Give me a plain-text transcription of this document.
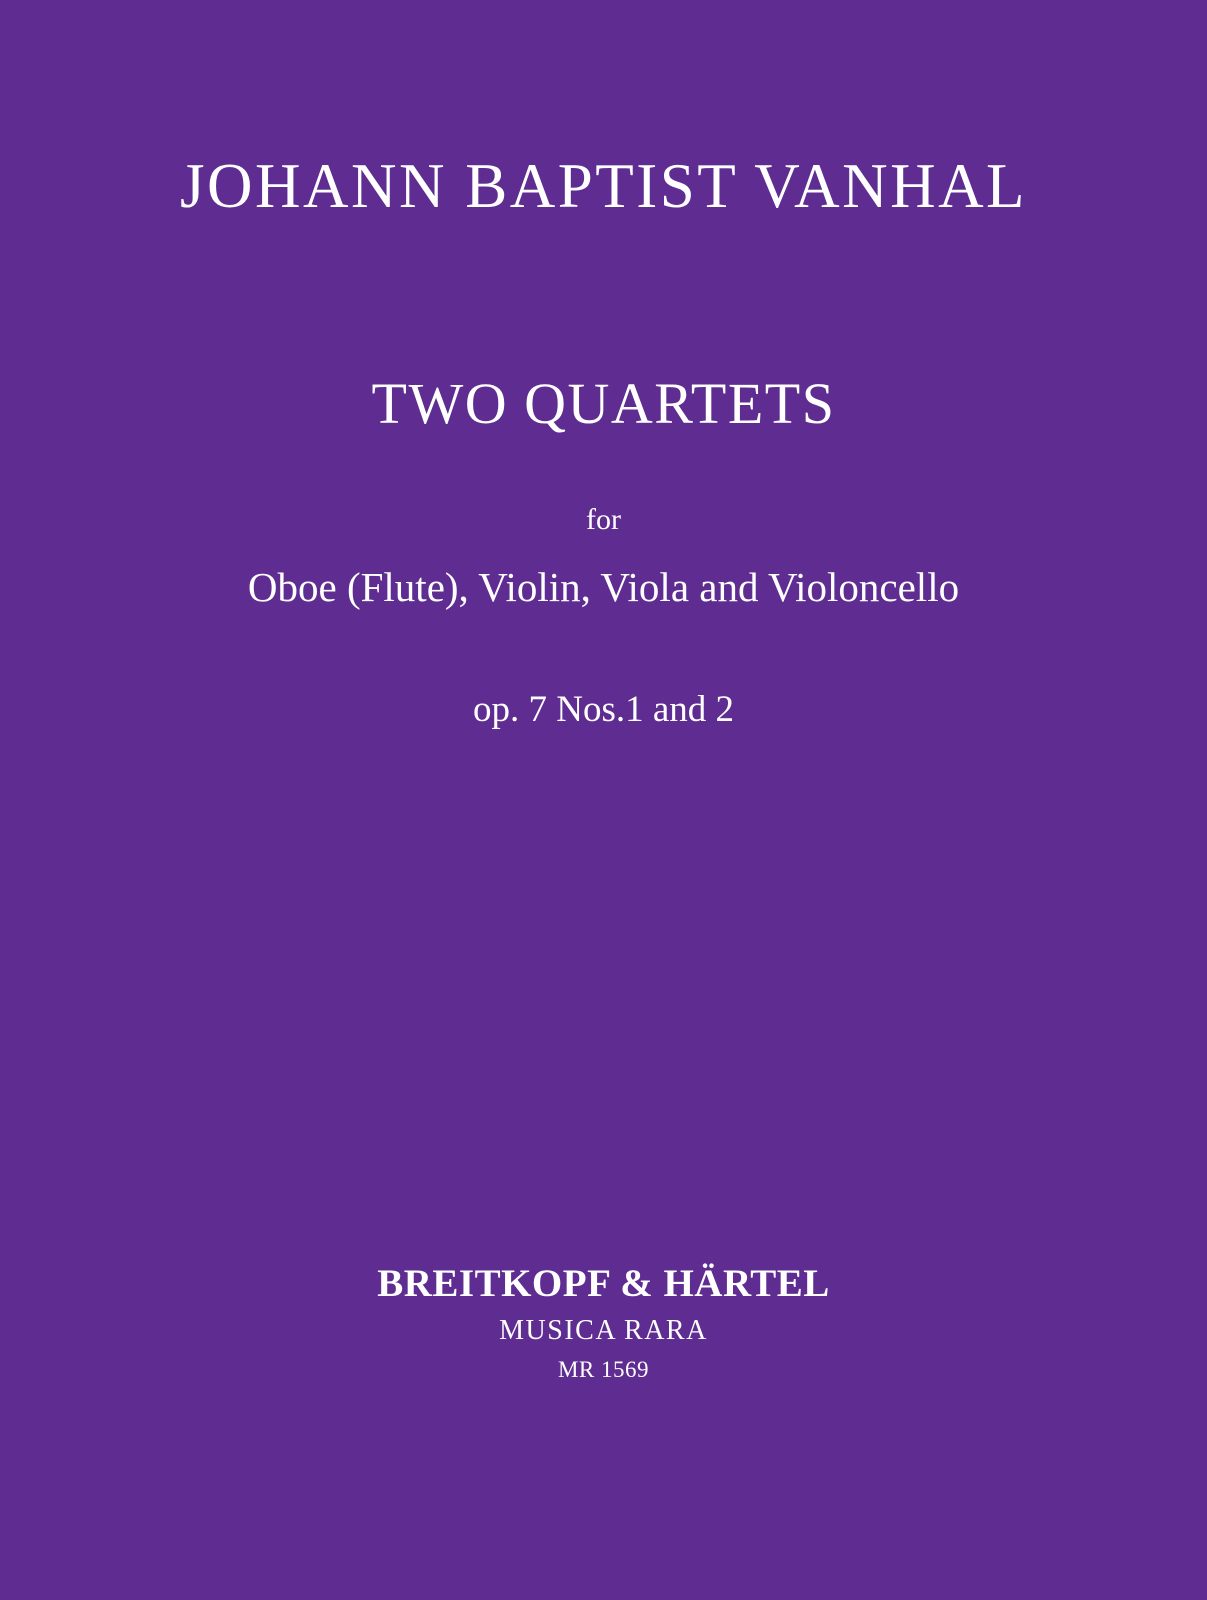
JOHANN BAPTIST VANHAL
TWO QUARTETS
for
Oboe (Flute), Violin, Viola and Violoncello
op. 7 Nos.1 and 2
BREITKOPF & HÄRTEL
MUSICA RARA
MR 1569
